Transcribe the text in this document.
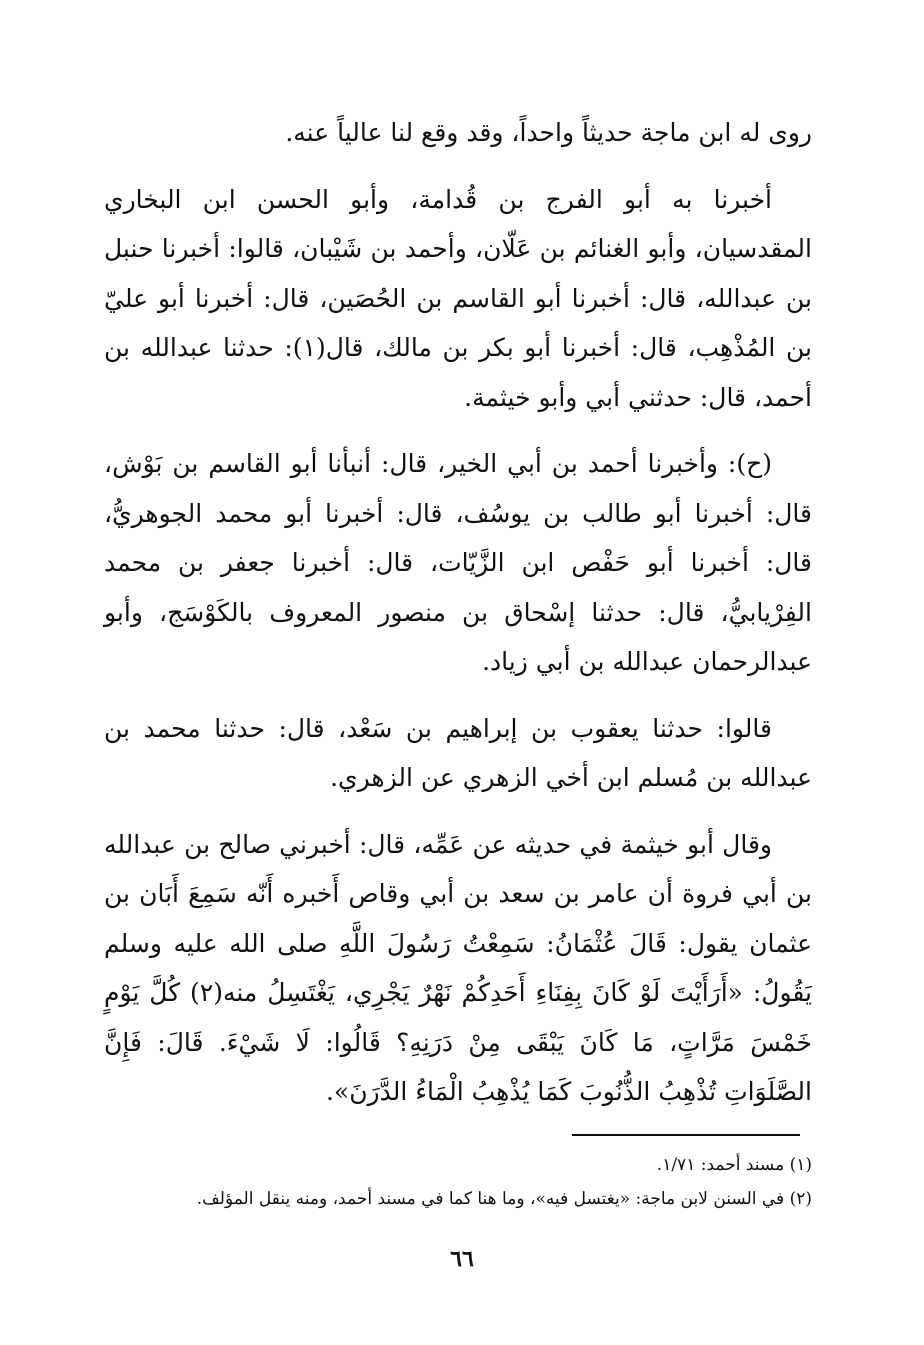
روى له ابن ماجة حديثاً واحداً، وقد وقع لنا عالياً عنه.

أخبرنا به أبو الفرج بن قُدامة، وأبو الحسن ابن البخاري المقدسيان، وأبو الغنائم بن عَلّان، وأحمد بن شَيْبان، قالوا: أخبرنا حنبل بن عبدالله، قال: أخبرنا أبو القاسم بن الحُصَين، قال: أخبرنا أبو عليّ بن المُذْهِب، قال: أخبرنا أبو بكر بن مالك، قال(١): حدثنا عبدالله بن أحمد، قال: حدثني أبي وأبو خيثمة.

(ح): وأخبرنا أحمد بن أبي الخير، قال: أنبأنا أبو القاسم بن بَوْش، قال: أخبرنا أبو طالب بن يوسُف، قال: أخبرنا أبو محمد الجوهريُّ، قال: أخبرنا أبو حَفْص ابن الزَّيّات، قال: أخبرنا جعفر بن محمد الفِرْيابيُّ، قال: حدثنا إسْحاق بن منصور المعروف بالكَوْسَج، وأبو عبدالرحمان عبدالله بن أبي زياد.

قالوا: حدثنا يعقوب بن إبراهيم بن سَعْد، قال: حدثنا محمد بن عبدالله بن مُسلم ابن أخي الزهري عن الزهري.

وقال أبو خيثمة في حديثه عن عَمِّه، قال: أخبرني صالح بن عبدالله بن أبي فروة أن عامر بن سعد بن أبي وقاص أَخبره أَنّه سَمِعَ أَبَان بن عثمان يقول: قَالَ عُثْمَانُ: سَمِعْتُ رَسُولَ اللَّهِ صلى الله عليه وسلم يَقُولُ: «أَرَأَيْتَ لَوْ كَانَ بِفِنَاءِ أَحَدِكُمْ نَهْرٌ يَجْرِي، يَغْتَسِلُ منه(٢) كُلَّ يَوْمٍ خَمْسَ مَرَّاتٍ، مَا كَانَ يَبْقَى مِنْ دَرَنِهِ؟ قَالُوا: لَا شَيْءَ. قَالَ: فَإِنَّ الصَّلَوَاتِ تُذْهِبُ الذُّنُوبَ كَمَا يُذْهِبُ الْمَاءُ الدَّرَنَ».

(١) مسند أحمد: ١/٧١.

(٢) في السنن لابن ماجة: «يغتسل فيه»، وما هنا كما في مسند أحمد، ومنه ينقل المؤلف.

٦٦
